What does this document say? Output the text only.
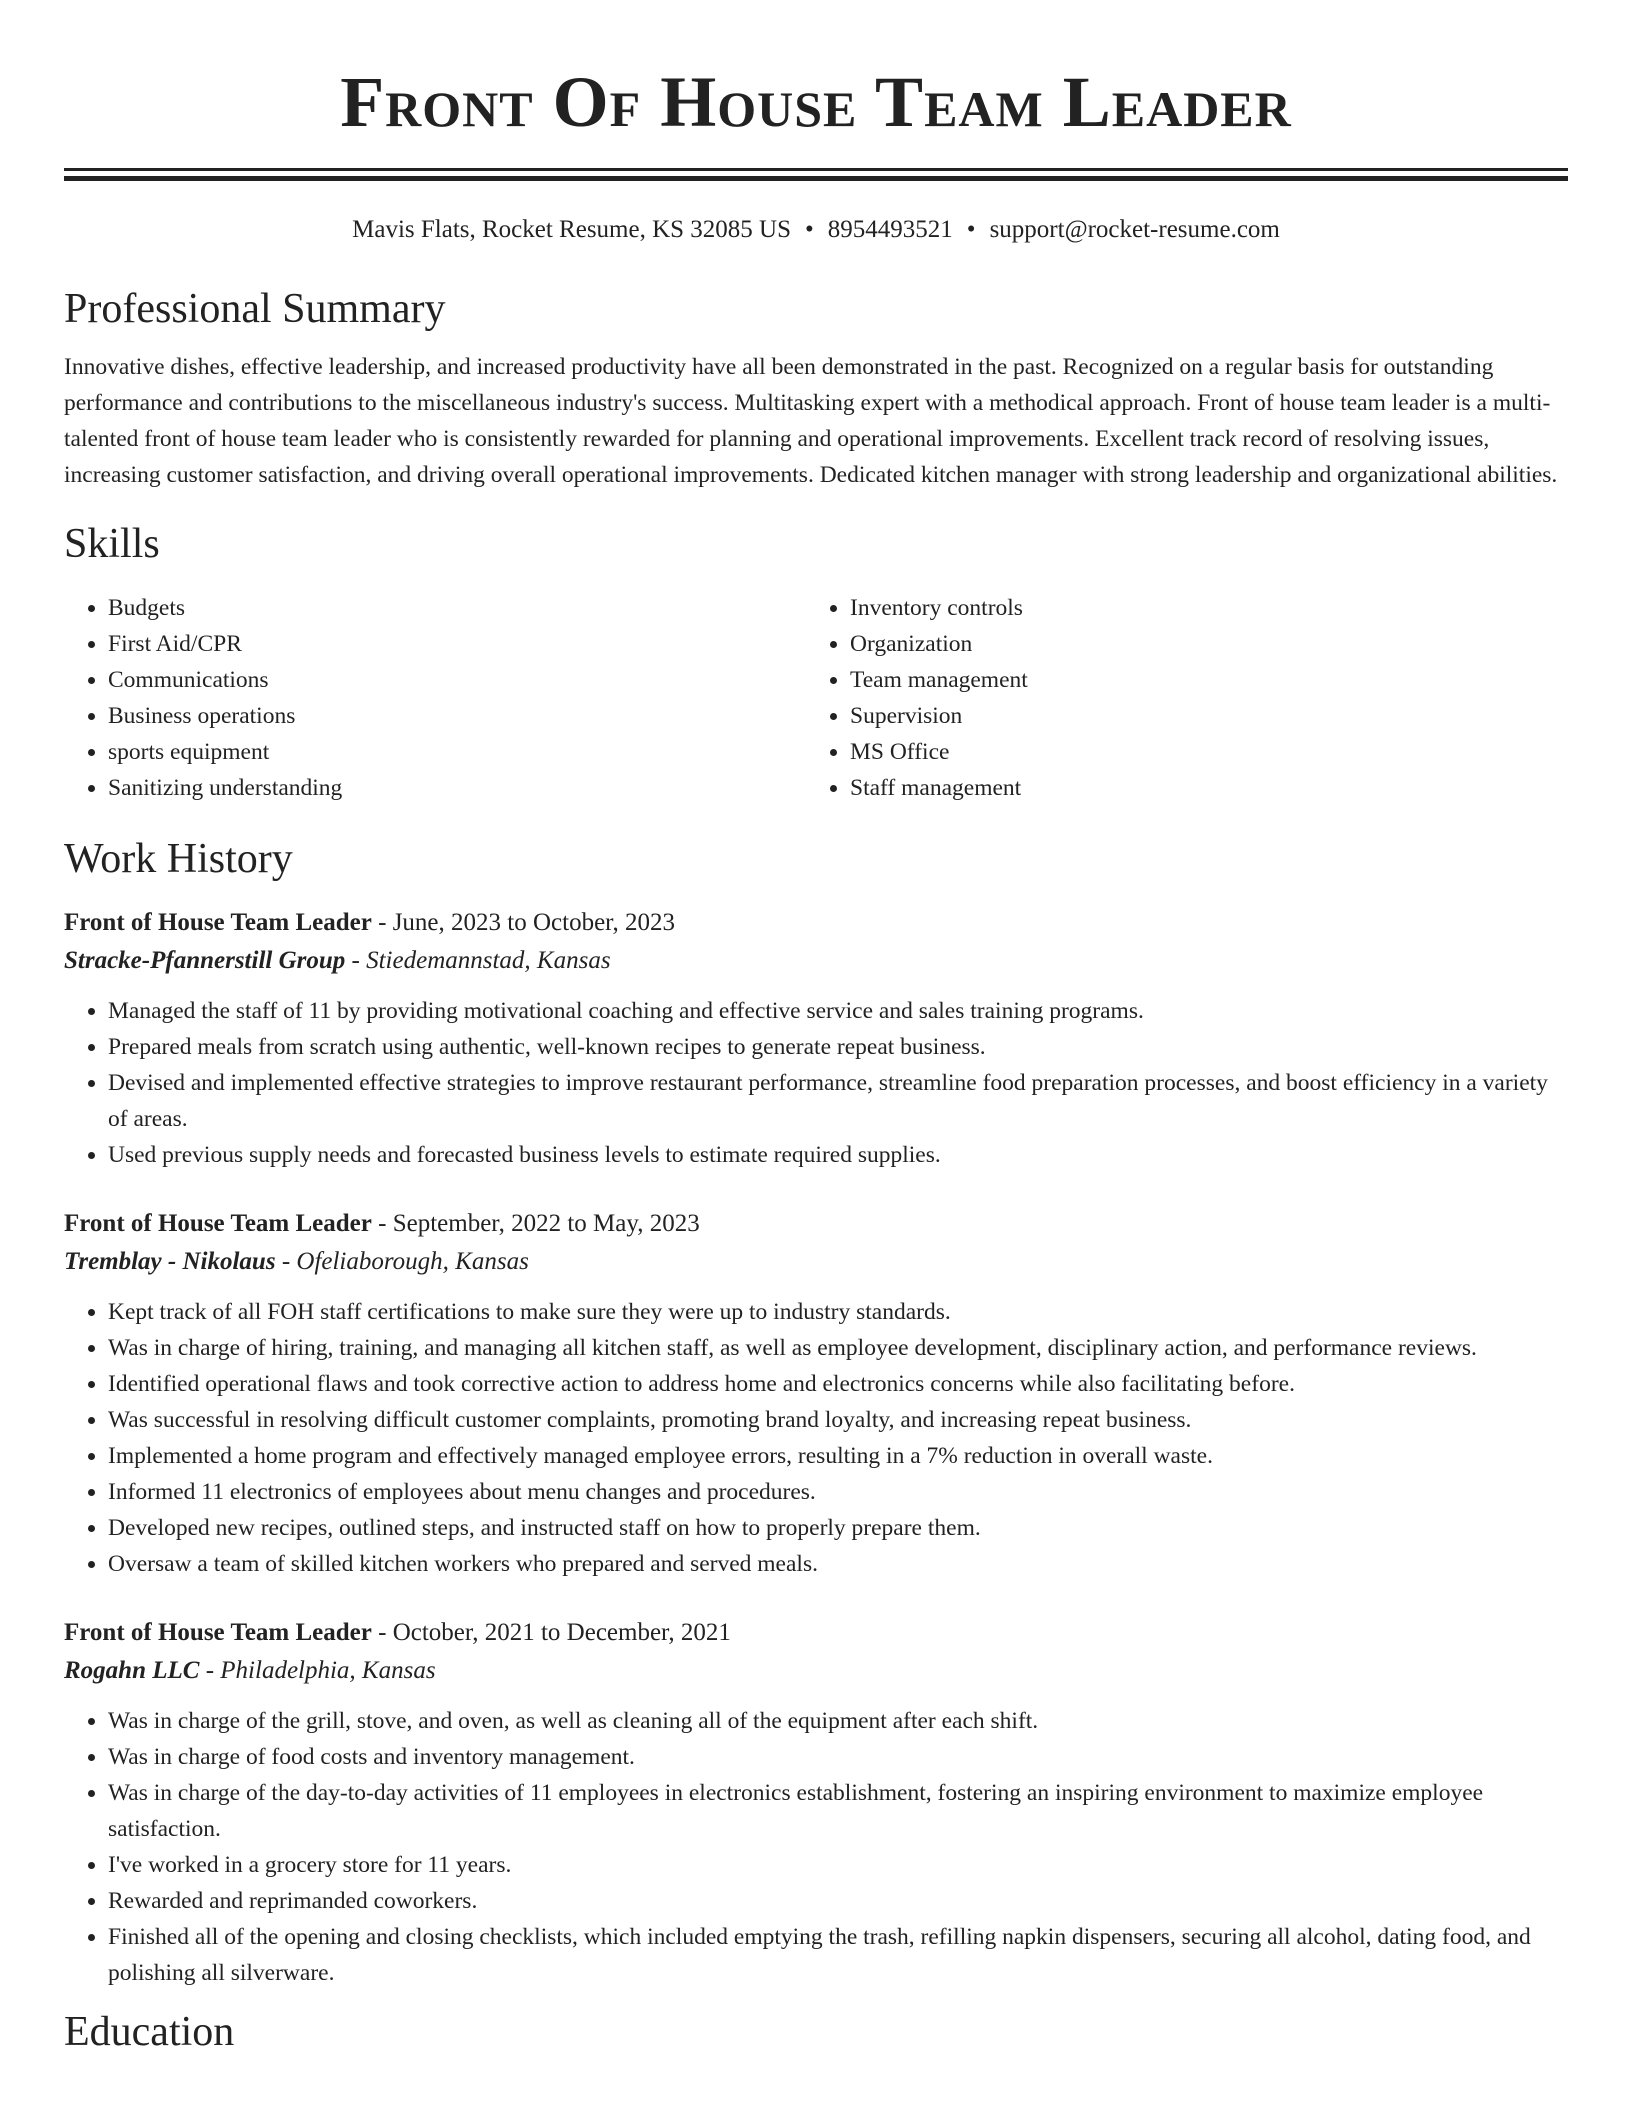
Front Of House Team Leader
Mavis Flats, Rocket Resume, KS 32085 US • 8954493521 • support@rocket-resume.com
Professional Summary
Innovative dishes, effective leadership, and increased productivity have all been demonstrated in the past. Recognized on a regular basis for outstanding performance and contributions to the miscellaneous industry's success. Multitasking expert with a methodical approach. Front of house team leader is a multi-talented front of house team leader who is consistently rewarded for planning and operational improvements. Excellent track record of resolving issues, increasing customer satisfaction, and driving overall operational improvements. Dedicated kitchen manager with strong leadership and organizational abilities.
Skills
• Budgets
• First Aid/CPR
• Communications
• Business operations
• sports equipment
• Sanitizing understanding
• Inventory controls
• Organization
• Team management
• Supervision
• MS Office
• Staff management
Work History
Front of House Team Leader - June, 2023 to October, 2023
Stracke-Pfannerstill Group - Stiedemannstad, Kansas
• Managed the staff of 11 by providing motivational coaching and effective service and sales training programs.
• Prepared meals from scratch using authentic, well-known recipes to generate repeat business.
• Devised and implemented effective strategies to improve restaurant performance, streamline food preparation processes, and boost efficiency in a variety of areas.
• Used previous supply needs and forecasted business levels to estimate required supplies.
Front of House Team Leader - September, 2022 to May, 2023
Tremblay - Nikolaus - Ofeliaborough, Kansas
• Kept track of all FOH staff certifications to make sure they were up to industry standards.
• Was in charge of hiring, training, and managing all kitchen staff, as well as employee development, disciplinary action, and performance reviews.
• Identified operational flaws and took corrective action to address home and electronics concerns while also facilitating before.
• Was successful in resolving difficult customer complaints, promoting brand loyalty, and increasing repeat business.
• Implemented a home program and effectively managed employee errors, resulting in a 7% reduction in overall waste.
• Informed 11 electronics of employees about menu changes and procedures.
• Developed new recipes, outlined steps, and instructed staff on how to properly prepare them.
• Oversaw a team of skilled kitchen workers who prepared and served meals.
Front of House Team Leader - October, 2021 to December, 2021
Rogahn LLC - Philadelphia, Kansas
• Was in charge of the grill, stove, and oven, as well as cleaning all of the equipment after each shift.
• Was in charge of food costs and inventory management.
• Was in charge of the day-to-day activities of 11 employees in electronics establishment, fostering an inspiring environment to maximize employee satisfaction.
• I've worked in a grocery store for 11 years.
• Rewarded and reprimanded coworkers.
• Finished all of the opening and closing checklists, which included emptying the trash, refilling napkin dispensers, securing all alcohol, dating food, and polishing all silverware.
Education
